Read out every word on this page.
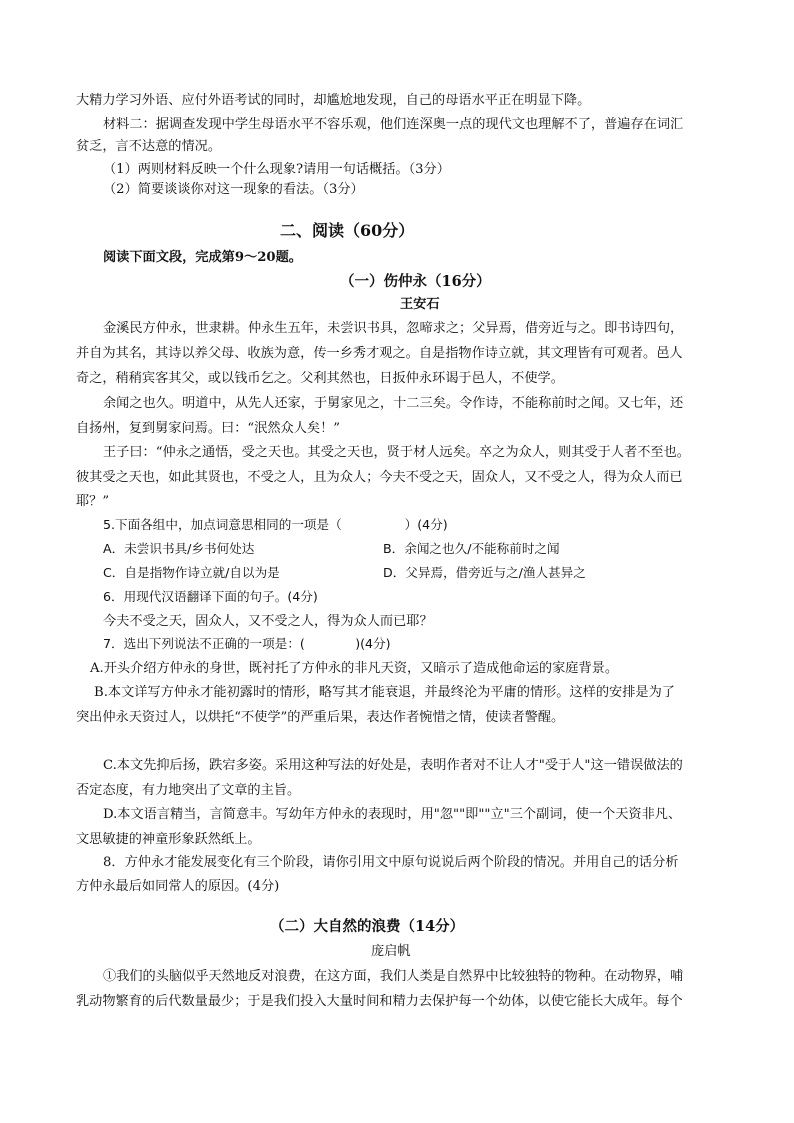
大精力学习外语、应付外语考试的同时，却尴尬地发现，自己的母语水平正在明显下降。
材料二：据调查发现中学生母语水平不容乐观，他们连深奥一点的现代文也理解不了，普遍存在词汇
贫乏，言不达意的情况。
（1）两则材料反映一个什么现象?请用一句话概括。（3分）
（2）简要谈谈你对这一现象的看法。（3分）
二、阅读（60分）
阅读下面文段，完成第9～20题。
（一）伤仲永（16分）
王安石
金溪民方仲永，世隶耕。仲永生五年，未尝识书具，忽啼求之；父异焉，借旁近与之。即书诗四句，
并自为其名，其诗以养父母、收族为意，传一乡秀才观之。自是指物作诗立就，其文理皆有可观者。邑人
奇之，稍稍宾客其父，或以钱币乞之。父利其然也，日扳仲永环谒于邑人，不使学。
余闻之也久。明道中，从先人还家，于舅家见之，十二三矣。令作诗，不能称前时之闻。又七年，还
自扬州，复到舅家问焉。曰：“泯然众人矣！”
王子曰：“仲永之通悟，受之天也。其受之天也，贤于材人远矣。卒之为众人，则其受于人者不至也。
彼其受之天也，如此其贤也，不受之人，且为众人；今夫不受之天，固众人，又不受之人，得为众人而已
耶？”
5.下面各组中，加点词意思相同的一项是（　　　　　）(4分)
A．未尝识书具/乡书何处达	B．余闻之也久/不能称前时之闻
C．自是指物作诗立就/自以为是	D．父异焉，借旁近与之/渔人甚异之
6．用现代汉语翻译下面的句子。(4分)
今夫不受之天，固众人，又不受之人，得为众人而已耶？
7．选出下列说法不正确的一项是：(　　　　)(4分)
A.开头介绍方仲永的身世，既衬托了方仲永的非凡天资，又暗示了造成他命运的家庭背景。
B.本文详写方仲永才能初露时的情形，略写其才能衰退，并最终沦为平庸的情形。这样的安排是为了
突出仲永天资过人，以烘托“不使学”的严重后果，表达作者惋惜之情，使读者警醒。
C.本文先抑后扬，跌宕多姿。采用这种写法的好处是，表明作者对不让人才"受于人"这一错误做法的
否定态度，有力地突出了文章的主旨。
D.本文语言精当，言简意丰。写幼年方仲永的表现时，用"忽""即""立"三个副词，使一个天资非凡、
文思敏捷的神童形象跃然纸上。
8．方仲永才能发展变化有三个阶段，请你引用文中原句说说后两个阶段的情况。并用自己的话分析
方仲永最后如同常人的原因。(4分)
（二）大自然的浪费（14分）
庞启帆
①我们的头脑似乎天然地反对浪费，在这方面，我们人类是自然界中比较独特的物种。在动物界，哺
乳动物繁育的后代数量最少；于是我们投入大量时间和精力去保护每一个幼体，以使它能长大成年。每个
